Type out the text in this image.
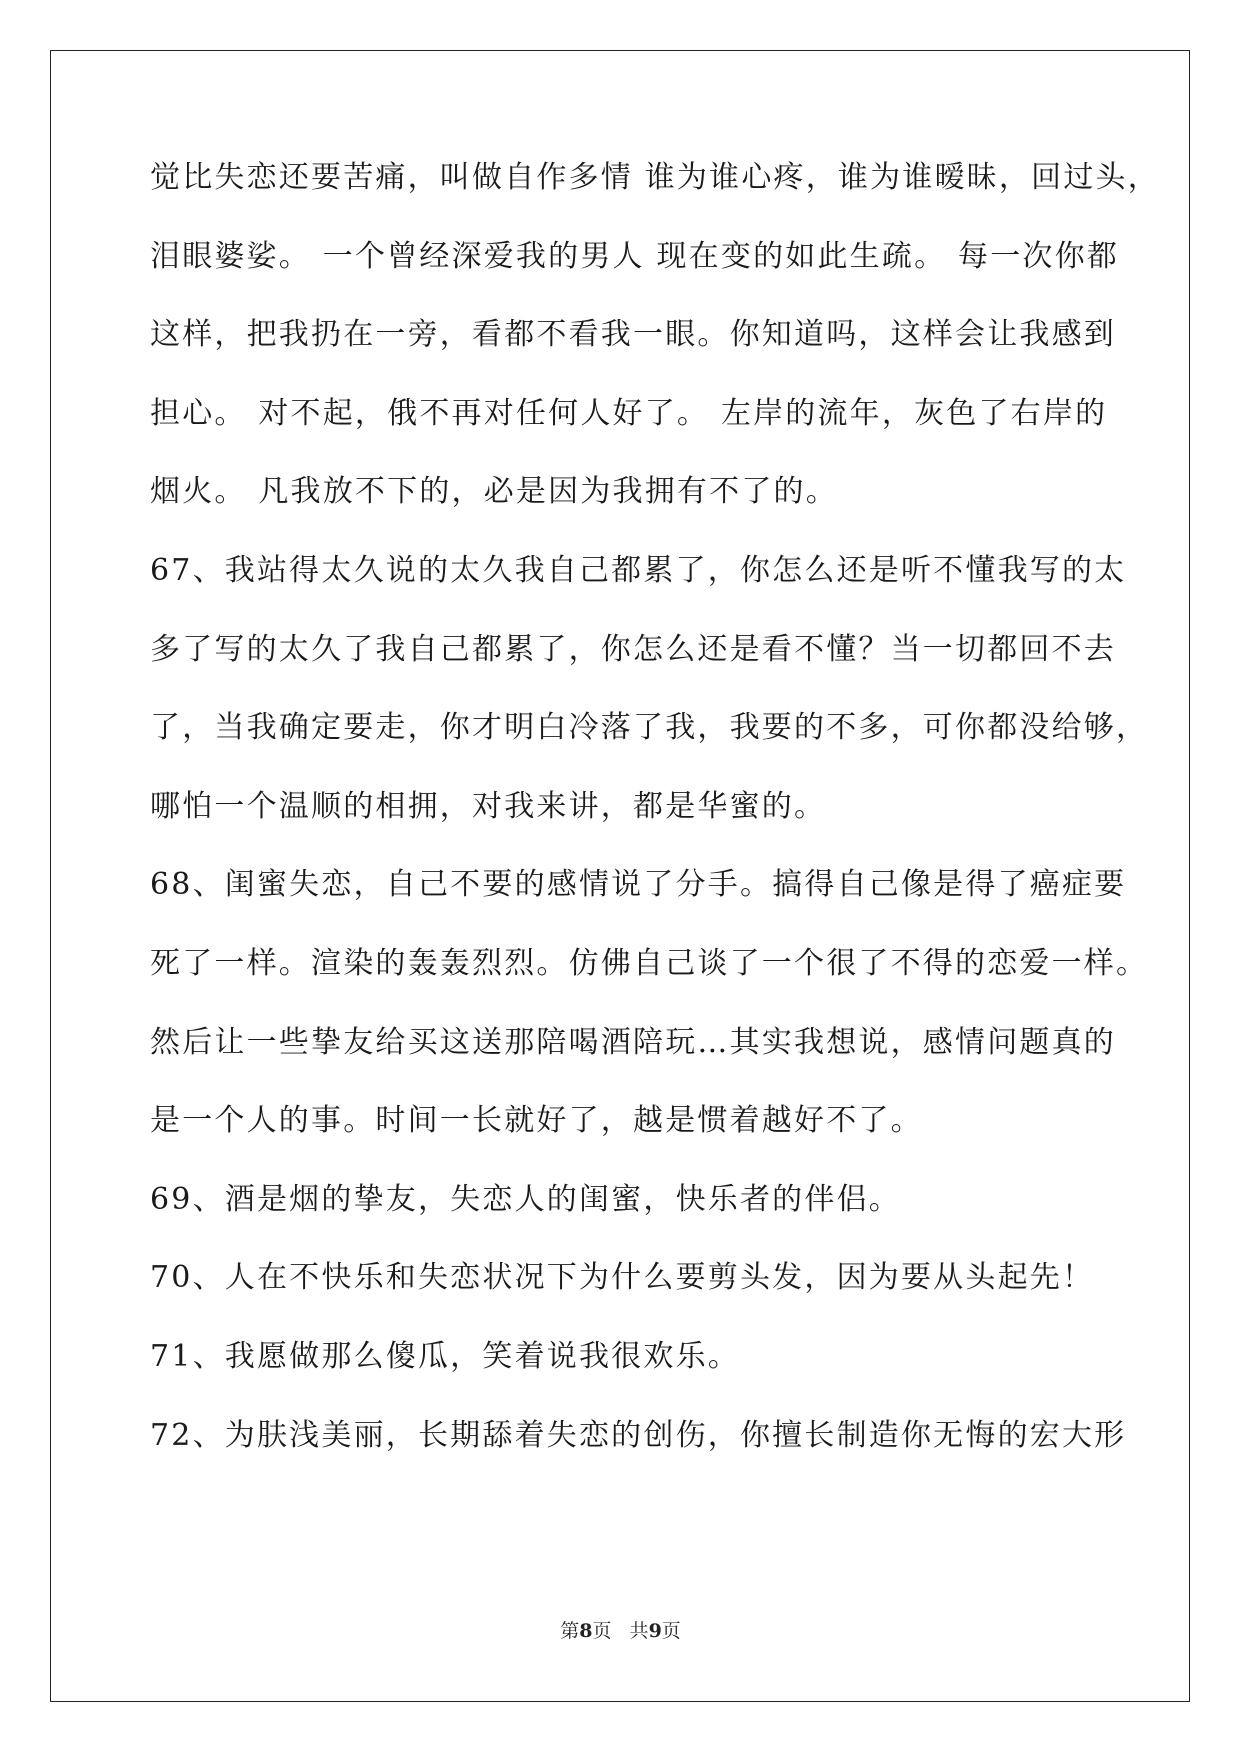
觉比失恋还要苦痛，叫做自作多情 谁为谁心疼，谁为谁暧昧，回过头，
泪眼婆娑。 一个曾经深爱我的男人 现在变的如此生疏。 每一次你都
这样，把我扔在一旁，看都不看我一眼。你知道吗，这样会让我感到
担心。 对不起，俄不再对任何人好了。 左岸的流年，灰色了右岸的
烟火。 凡我放不下的，必是因为我拥有不了的。
67、我站得太久说的太久我自己都累了，你怎么还是听不懂我写的太
多了写的太久了我自己都累了，你怎么还是看不懂？当一切都回不去
了，当我确定要走，你才明白冷落了我，我要的不多，可你都没给够，
哪怕一个温顺的相拥，对我来讲，都是华蜜的。
68、闺蜜失恋，自己不要的感情说了分手。搞得自己像是得了癌症要
死了一样。渲染的轰轰烈烈。仿佛自己谈了一个很了不得的恋爱一样。
然后让一些挚友给买这送那陪喝酒陪玩…其实我想说，感情问题真的
是一个人的事。时间一长就好了，越是惯着越好不了。
69、酒是烟的挚友，失恋人的闺蜜，快乐者的伴侣。
70、人在不快乐和失恋状况下为什么要剪头发，因为要从头起先！
71、我愿做那么傻瓜，笑着说我很欢乐。
72、为肤浅美丽，长期舔着失恋的创伤，你擅长制造你无悔的宏大形
第8页   共9页
